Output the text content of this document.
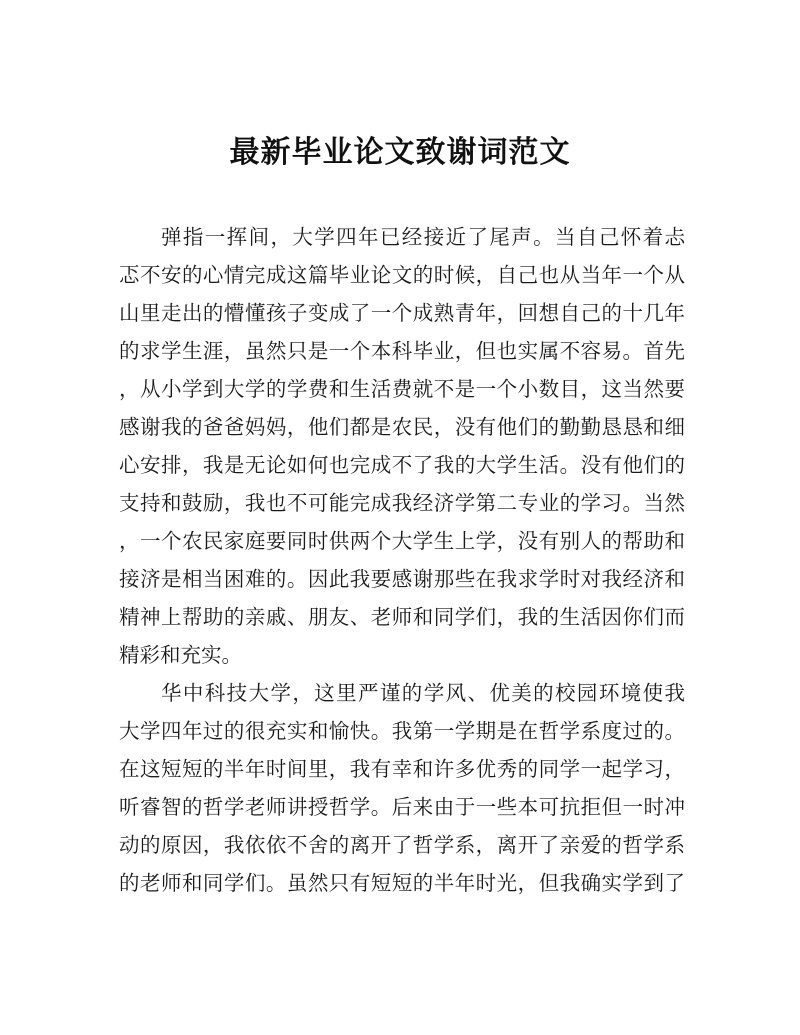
最新毕业论文致谢词范文
弹指一挥间，大学四年已经接近了尾声。当自己怀着忐
忑不安的心情完成这篇毕业论文的时候，自己也从当年一个从
山里走出的懵懂孩子变成了一个成熟青年，回想自己的十几年
的求学生涯，虽然只是一个本科毕业，但也实属不容易。首先
，从小学到大学的学费和生活费就不是一个小数目，这当然要
感谢我的爸爸妈妈，他们都是农民，没有他们的勤勤恳恳和细
心安排，我是无论如何也完成不了我的大学生活。没有他们的
支持和鼓励，我也不可能完成我经济学第二专业的学习。当然
，一个农民家庭要同时供两个大学生上学，没有别人的帮助和
接济是相当困难的。因此我要感谢那些在我求学时对我经济和
精神上帮助的亲戚、朋友、老师和同学们，我的生活因你们而
精彩和充实。
华中科技大学，这里严谨的学风、优美的校园环境使我
大学四年过的很充实和愉快。我第一学期是在哲学系度过的。
在这短短的半年时间里，我有幸和许多优秀的同学一起学习，
听睿智的哲学老师讲授哲学。后来由于一些本可抗拒但一时冲
动的原因，我依依不舍的离开了哲学系，离开了亲爱的哲学系
的老师和同学们。虽然只有短短的半年时光，但我确实学到了
